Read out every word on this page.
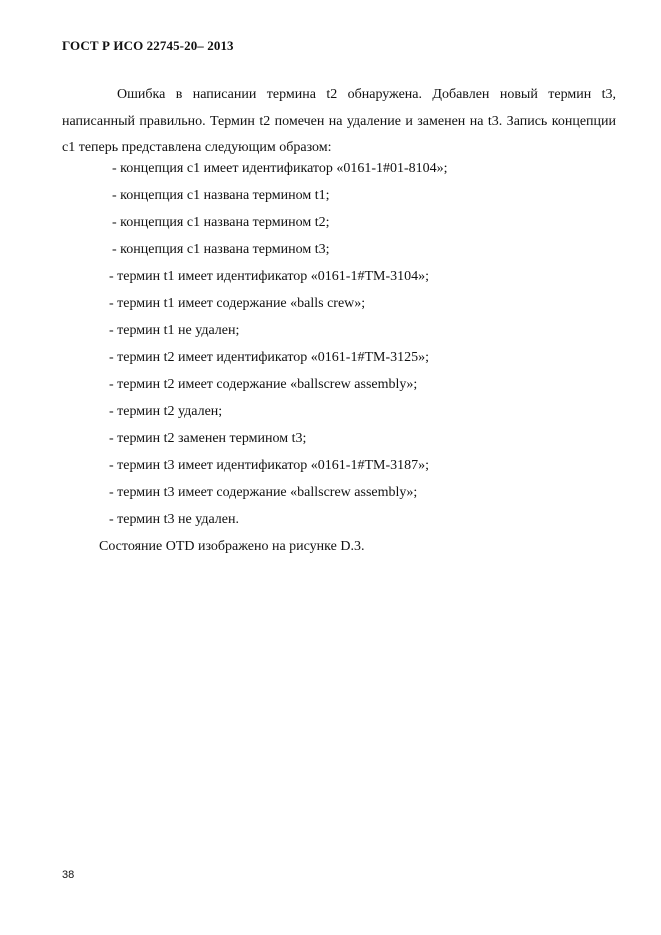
ГОСТ Р ИСО 22745-20– 2013

Ошибка в написании термина t2 обнаружена. Добавлен новый термин t3, написанный правильно. Термин t2 помечен на удаление и заменен на t3. Запись концепции c1 теперь представлена следующим образом:

- концепция с1 имеет идентификатор «0161-1#01-8104»;
- концепция с1 названа термином t1;
- концепция с1 названа термином t2;
- концепция с1 названа термином t3;
- термин t1 имеет идентификатор «0161-1#TM-3104»;
- термин t1 имеет содержание «balls crew»;
- термин t1 не удален;
- термин t2 имеет идентификатор «0161-1#TM-3125»;
- термин t2 имеет содержание «ballscrew assembly»;
- термин t2 удален;
- термин t2 заменен термином t3;
- термин t3 имеет идентификатор «0161-1#TM-3187»;
- термин t3 имеет содержание «ballscrew assembly»;
- термин t3 не удален.
Состояние OTD изображено на рисунке D.3.
38
